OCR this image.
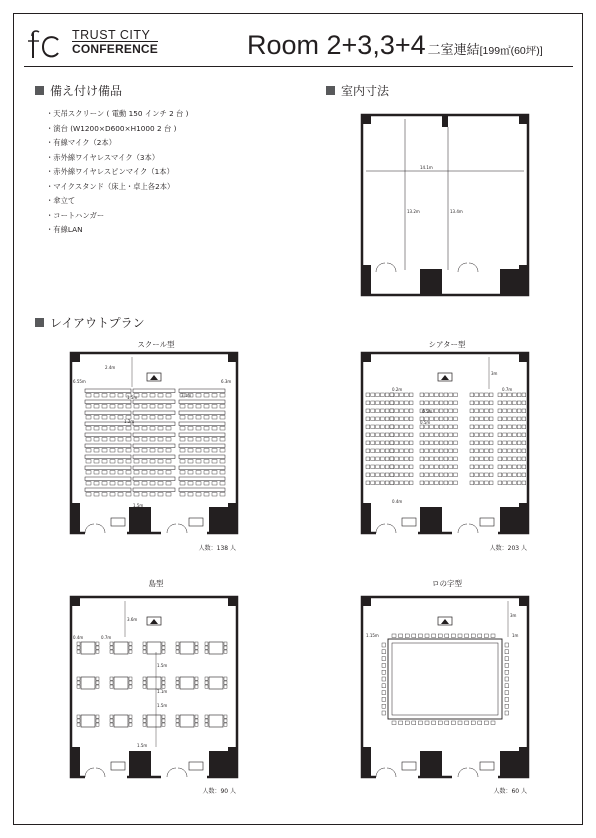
TRUST CITY
CONFERENCE	Room 2+3,3+4 二室連結[199㎡(60坪)]
備え付け備品
・天吊スクリーン ( 電動 150 インチ 2 台 )
・演台 (W1200×D600×H1000 2 台 )
・有線マイク（2本）
・赤外線ワイヤレスマイク（3本）
・赤外線ワイヤレスピンマイク（1本）
・マイクスタンド（床上・卓上各2本）
・傘立て
・コートハンガー
・有線LAN
室内寸法
14.1m
13.2m	13.4m
レイアウトプラン
スクール型
2.4m
6.55m	6.3m
1.5m	3.1m
1.2m
1.5m
人数：138 人
シアター型
3m
0.7m
0.2m
6.5m
0.5m
0.4m
人数：203 人
島型
3.6m
0.4m	0.7m
1.5m
1.1m
1.5m
1.5m
人数：90 人
ロの字型
1.15m
3m
1m
人数：60 人
